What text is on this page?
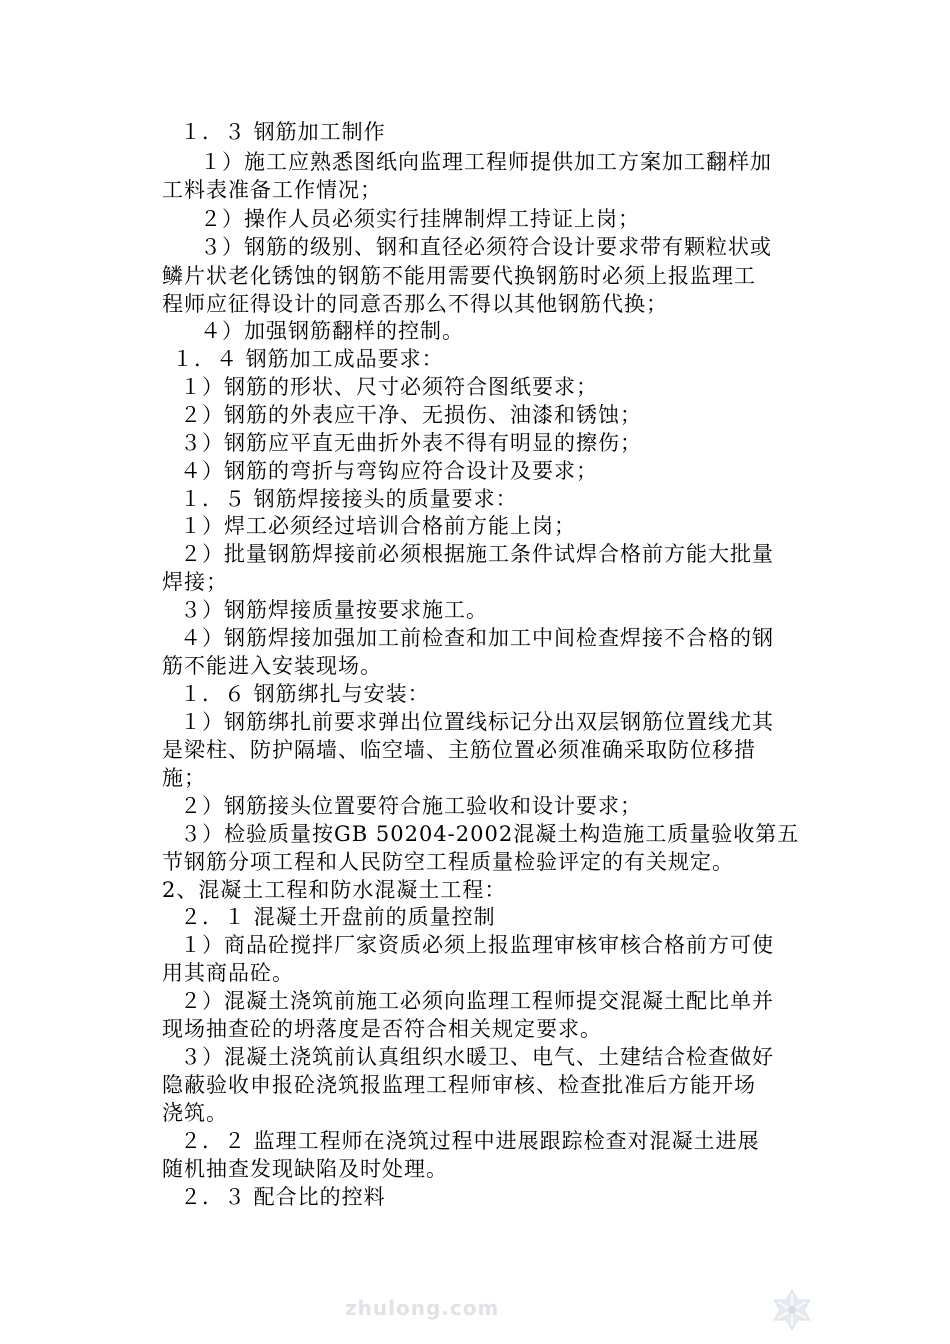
１．３ 钢筋加工制作
１）施工应熟悉图纸向监理工程师提供加工方案加工翻样加
工料表准备工作情况；
２）操作人员必须实行挂牌制焊工持证上岗；
３）钢筋的级别、钢和直径必须符合设计要求带有颗粒状或
鳞片状老化锈蚀的钢筋不能用需要代换钢筋时必须上报监理工
程师应征得设计的同意否那么不得以其他钢筋代换；
４）加强钢筋翻样的控制。
１．４ 钢筋加工成品要求：
１）钢筋的形状、尺寸必须符合图纸要求；
２）钢筋的外表应干净、无损伤、油漆和锈蚀；
３）钢筋应平直无曲折外表不得有明显的擦伤；
４）钢筋的弯折与弯钩应符合设计及要求；
１．５ 钢筋焊接接头的质量要求：
１）焊工必须经过培训合格前方能上岗；
２）批量钢筋焊接前必须根据施工条件试焊合格前方能大批量
焊接；
３）钢筋焊接质量按要求施工。
４）钢筋焊接加强加工前检查和加工中间检查焊接不合格的钢
筋不能进入安装现场。
１．６ 钢筋绑扎与安装：
１）钢筋绑扎前要求弹出位置线标记分出双层钢筋位置线尤其
是梁柱、防护隔墙、临空墙、主筋位置必须准确采取防位移措
施；
２）钢筋接头位置要符合施工验收和设计要求；
３）检验质量按GB 50204-2002混凝土构造施工质量验收第五
节钢筋分项工程和人民防空工程质量检验评定的有关规定。
2、混凝土工程和防水混凝土工程：
２．１ 混凝土开盘前的质量控制
１）商品砼搅拌厂家资质必须上报监理审核审核合格前方可使
用其商品砼。
２）混凝土浇筑前施工必须向监理工程师提交混凝土配比单并
现场抽查砼的坍落度是否符合相关规定要求。
３）混凝土浇筑前认真组织水暖卫、电气、土建结合检查做好
隐蔽验收申报砼浇筑报监理工程师审核、检查批准后方能开场
浇筑。
２．２ 监理工程师在浇筑过程中进展跟踪检查对混凝土进展
随机抽查发现缺陷及时处理。
２．３ 配合比的控料
zhulong.com
